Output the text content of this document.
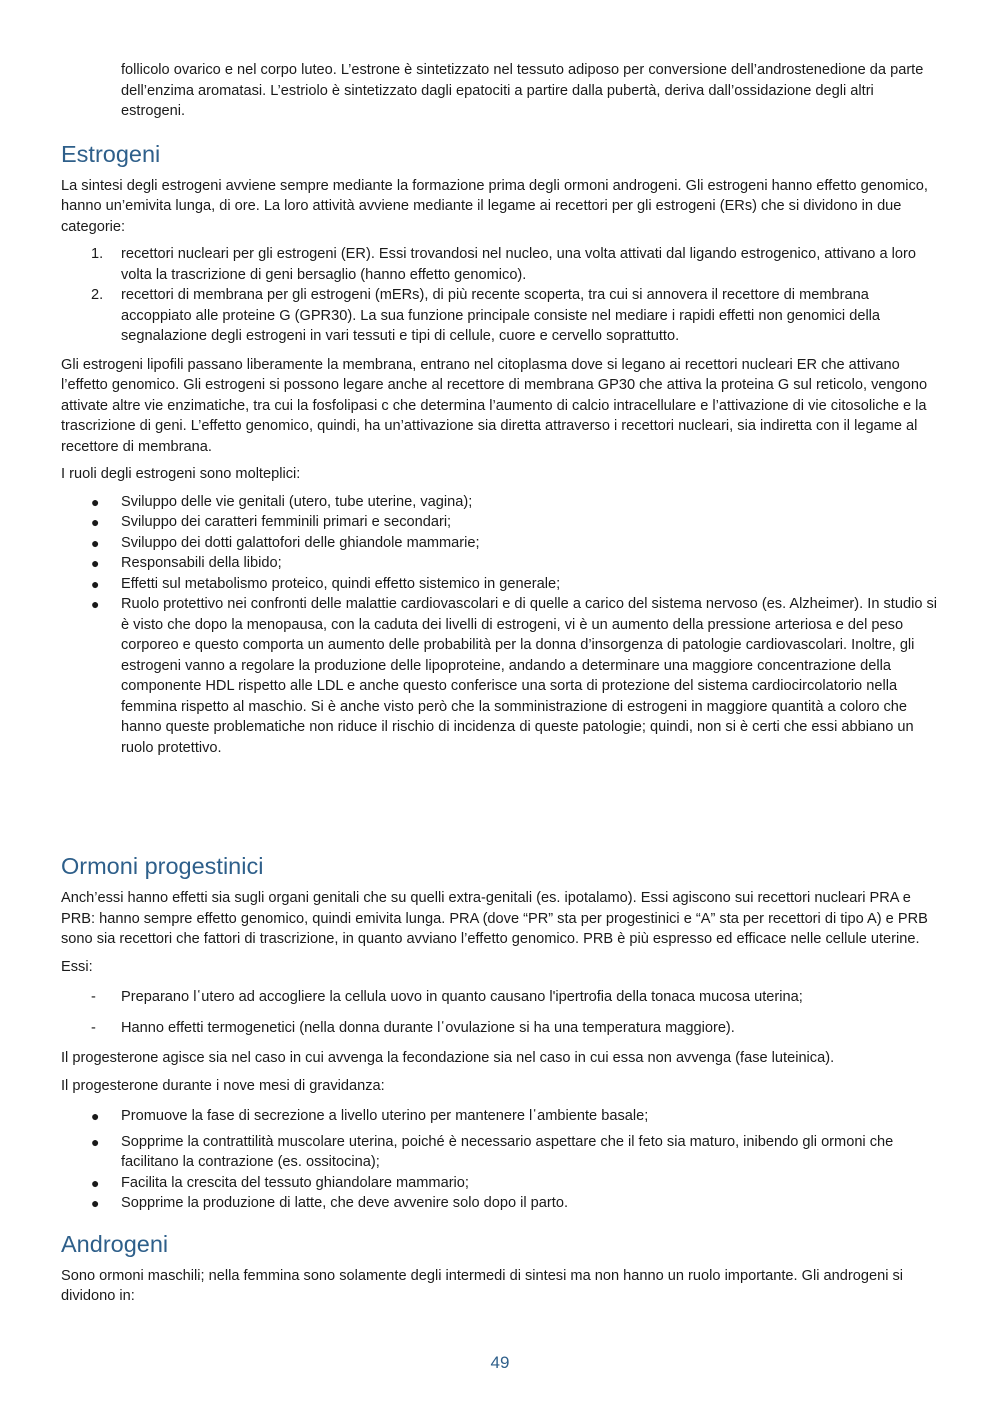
follicolo ovarico e nel corpo luteo. L’estrone è sintetizzato nel tessuto adiposo per conversione dell’androstenedione da parte dell’enzima aromatasi. L’estriolo è sintetizzato dagli epatociti a partire dalla pubertà, deriva dall’ossidazione degli altri estrogeni.

Estrogeni

La sintesi degli estrogeni avviene sempre mediante la formazione prima degli ormoni androgeni. Gli estrogeni hanno effetto genomico, hanno un’emivita lunga, di ore. La loro attività avviene mediante il legame ai recettori per gli estrogeni (ERs) che si dividono in due categorie:

1.	recettori nucleari per gli estrogeni (ER). Essi trovandosi nel nucleo, una volta attivati dal ligando estrogenico, attivano a loro volta la trascrizione di geni bersaglio (hanno effetto genomico).
2.	recettori di membrana per gli estrogeni (mERs), di più recente scoperta, tra cui si annovera il recettore di membrana accoppiato alle proteine G (GPR30). La sua funzione principale consiste nel mediare i rapidi effetti non genomici della segnalazione degli estrogeni in vari tessuti e tipi di cellule, cuore e cervello soprattutto.

Gli estrogeni lipofili passano liberamente la membrana, entrano nel citoplasma dove si legano ai recettori nucleari ER che attivano l’effetto genomico. Gli estrogeni si possono legare anche al recettore di membrana GP30 che attiva la proteina G sul reticolo, vengono attivate altre vie enzimatiche, tra cui la fosfolipasi c che determina l’aumento di calcio intracellulare e l’attivazione di vie citosoliche e la trascrizione di geni. L’effetto genomico, quindi, ha un’attivazione sia diretta attraverso i recettori nucleari, sia indiretta con il legame al recettore di membrana.

I ruoli degli estrogeni sono molteplici:

●	Sviluppo delle vie genitali (utero, tube uterine, vagina);
●	Sviluppo dei caratteri femminili primari e secondari;
●	Sviluppo dei dotti galattofori delle ghiandole mammarie;
●	Responsabili della libido;
●	Effetti sul metabolismo proteico, quindi effetto sistemico in generale;
●	Ruolo protettivo nei confronti delle malattie cardiovascolari e di quelle a carico del sistema nervoso (es. Alzheimer). In studio si è visto che dopo la menopausa, con la caduta dei livelli di estrogeni, vi è un aumento della pressione arteriosa e del peso corporeo e questo comporta un aumento delle probabilità per la donna d’insorgenza di patologie cardiovascolari. Inoltre, gli estrogeni vanno a regolare la produzione delle lipoproteine, andando a determinare una maggiore concentrazione della componente HDL rispetto alle LDL e anche questo conferisce una sorta di protezione del sistema cardiocircolatorio nella femmina rispetto al maschio. Si è anche visto però che la somministrazione di estrogeni in maggiore quantità a coloro che hanno queste problematiche non riduce il rischio di incidenza di queste patologie; quindi, non si è certi che essi abbiano un ruolo protettivo.
Ormoni progestinici

Anch’essi hanno effetti sia sugli organi genitali che su quelli extra-genitali (es. ipotalamo). Essi agiscono sui recettori nucleari PRA e PRB: hanno sempre effetto genomico, quindi emivita lunga. PRA (dove “PR” sta per progestinici e “A” sta per recettori di tipo A) e PRB sono sia recettori che fattori di trascrizione, in quanto avviano l’effetto genomico. PRB è più espresso ed efficace nelle cellule uterine.

Essi:

-	Preparano l῾utero ad accogliere la cellula uovo in quanto causano l'ipertrofia della tonaca mucosa uterina;
-	Hanno effetti termogenetici (nella donna durante l῾ovulazione si ha una temperatura maggiore).

Il progesterone agisce sia nel caso in cui avvenga la fecondazione sia nel caso in cui essa non avvenga (fase luteinica).

Il progesterone durante i nove mesi di gravidanza:

●	Promuove la fase di secrezione a livello uterino per mantenere l῾ambiente basale;
●	Sopprime la contrattilità muscolare uterina, poiché è necessario aspettare che il feto sia maturo, inibendo gli ormoni che facilitano la contrazione (es. ossitocina);
●	Facilita la crescita del tessuto ghiandolare mammario;
●	Sopprime la produzione di latte, che deve avvenire solo dopo il parto.
Androgeni

Sono ormoni maschili; nella femmina sono solamente degli intermedi di sintesi ma non hanno un ruolo importante. Gli androgeni si dividono in:

49
